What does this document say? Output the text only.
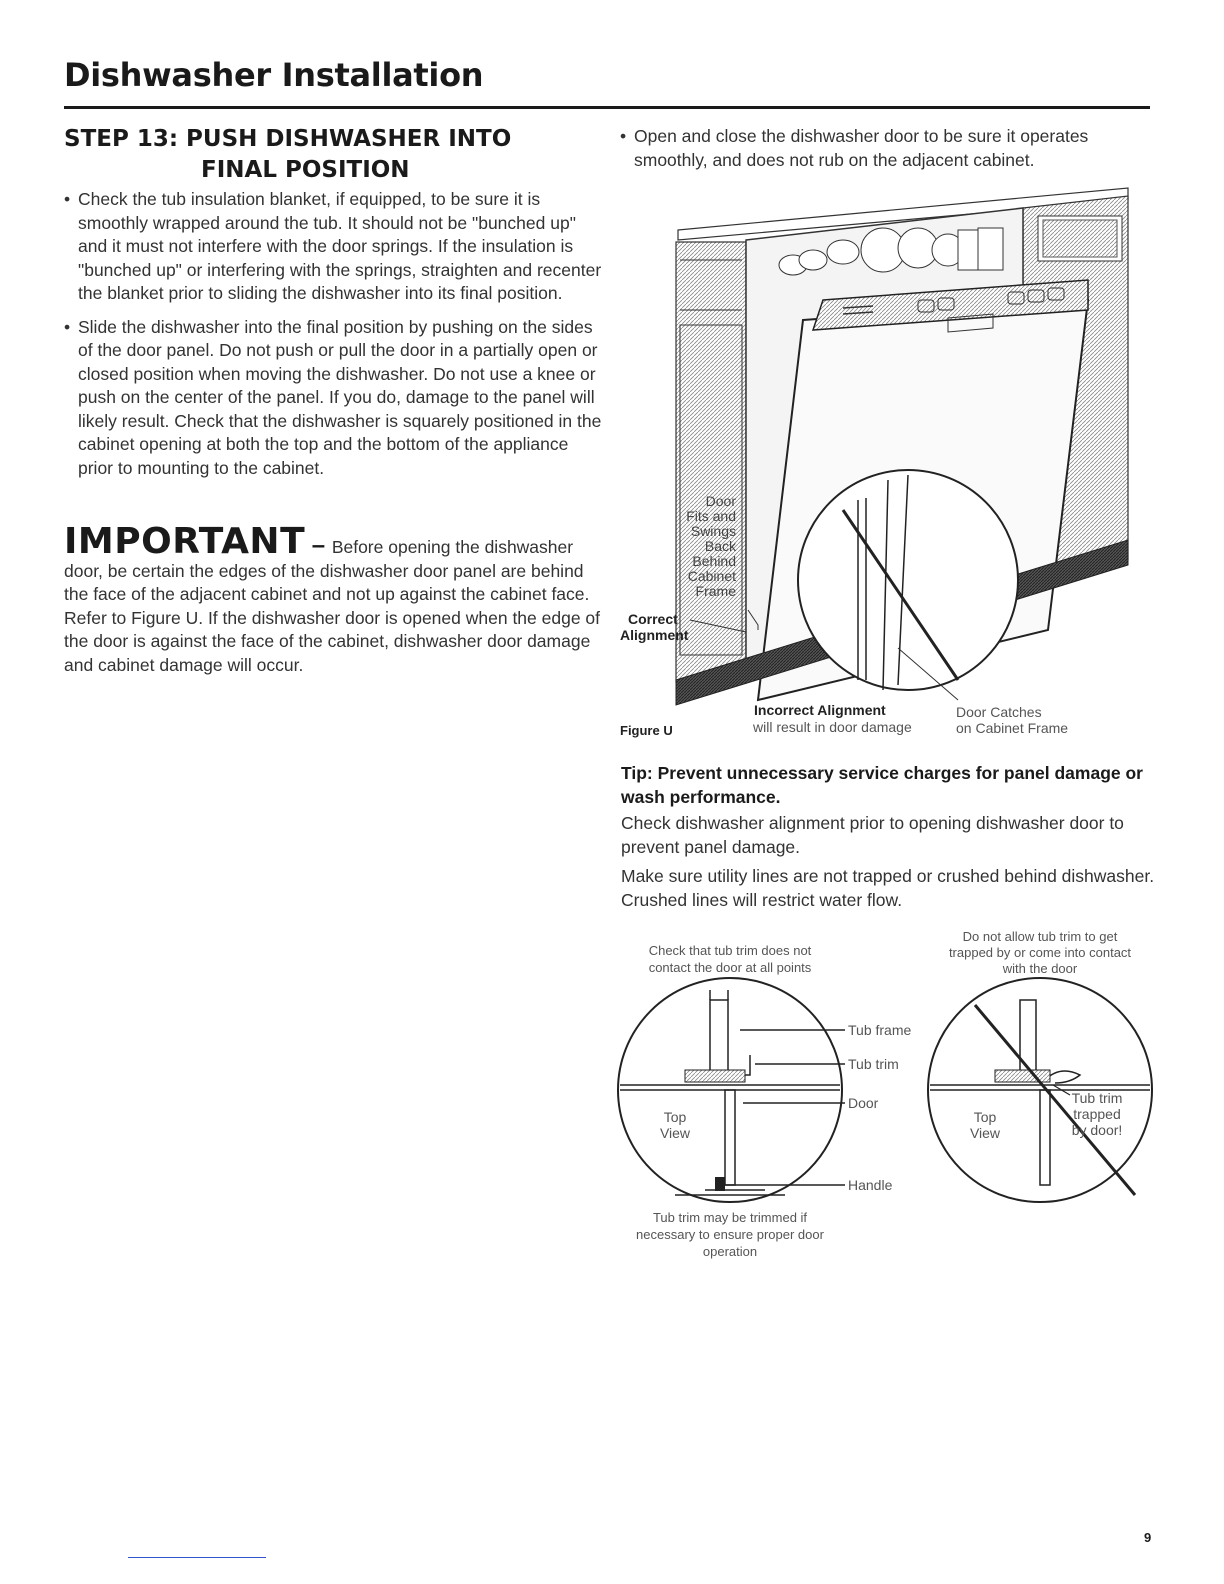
Dishwasher Installation
STEP 13: PUSH DISHWASHER INTO
FINAL POSITION
• Check the tub insulation blanket, if equipped, to be sure it is smoothly wrapped around the tub. It should not be "bunched up" and it must not interfere with the door springs. If the insulation is "bunched up" or interfering with the springs, straighten and recenter the blanket prior to sliding the dishwasher into its final position.
• Slide the dishwasher into the final position by pushing on the sides of the door panel. Do not push or pull the door in a partially open or closed position when moving the dishwasher. Do not use a knee or push on the center of the panel. If you do, damage to the panel will likely result. Check that the dishwasher is squarely positioned in the cabinet opening at both the top and the bottom of the appliance prior to mounting to the cabinet.
IMPORTANT – Before opening the dishwasher door, be certain the edges of the dishwasher door panel are behind the face of the adjacent cabinet and not up against the cabinet face. Refer to Figure U. If the dishwasher door is opened when the edge of the door is against the face of the cabinet, dishwasher door damage and cabinet damage will occur.
• Open and close the dishwasher door to be sure it operates smoothly, and does not rub on the adjacent cabinet.
Door
Fits and
Swings
Back
Behind
Cabinet
Frame
Correct
Alignment
Incorrect Alignment
will result in door damage
Door Catches
on Cabinet Frame
Figure U
Tip: Prevent unnecessary service charges for panel damage or wash performance.
Check dishwasher alignment prior to opening dishwasher door to prevent panel damage.
Make sure utility lines are not trapped or crushed behind dishwasher. Crushed lines will restrict water flow.
Check that tub trim does not
contact the door at all points
Do not allow tub trim to get
trapped by or come into contact
with the door
Top
View
Tub frame
Tub trim
Door
Handle
Top
View
Tub trim
trapped
by door!
Tub trim may be trimmed if
necessary to ensure proper door
operation
9
